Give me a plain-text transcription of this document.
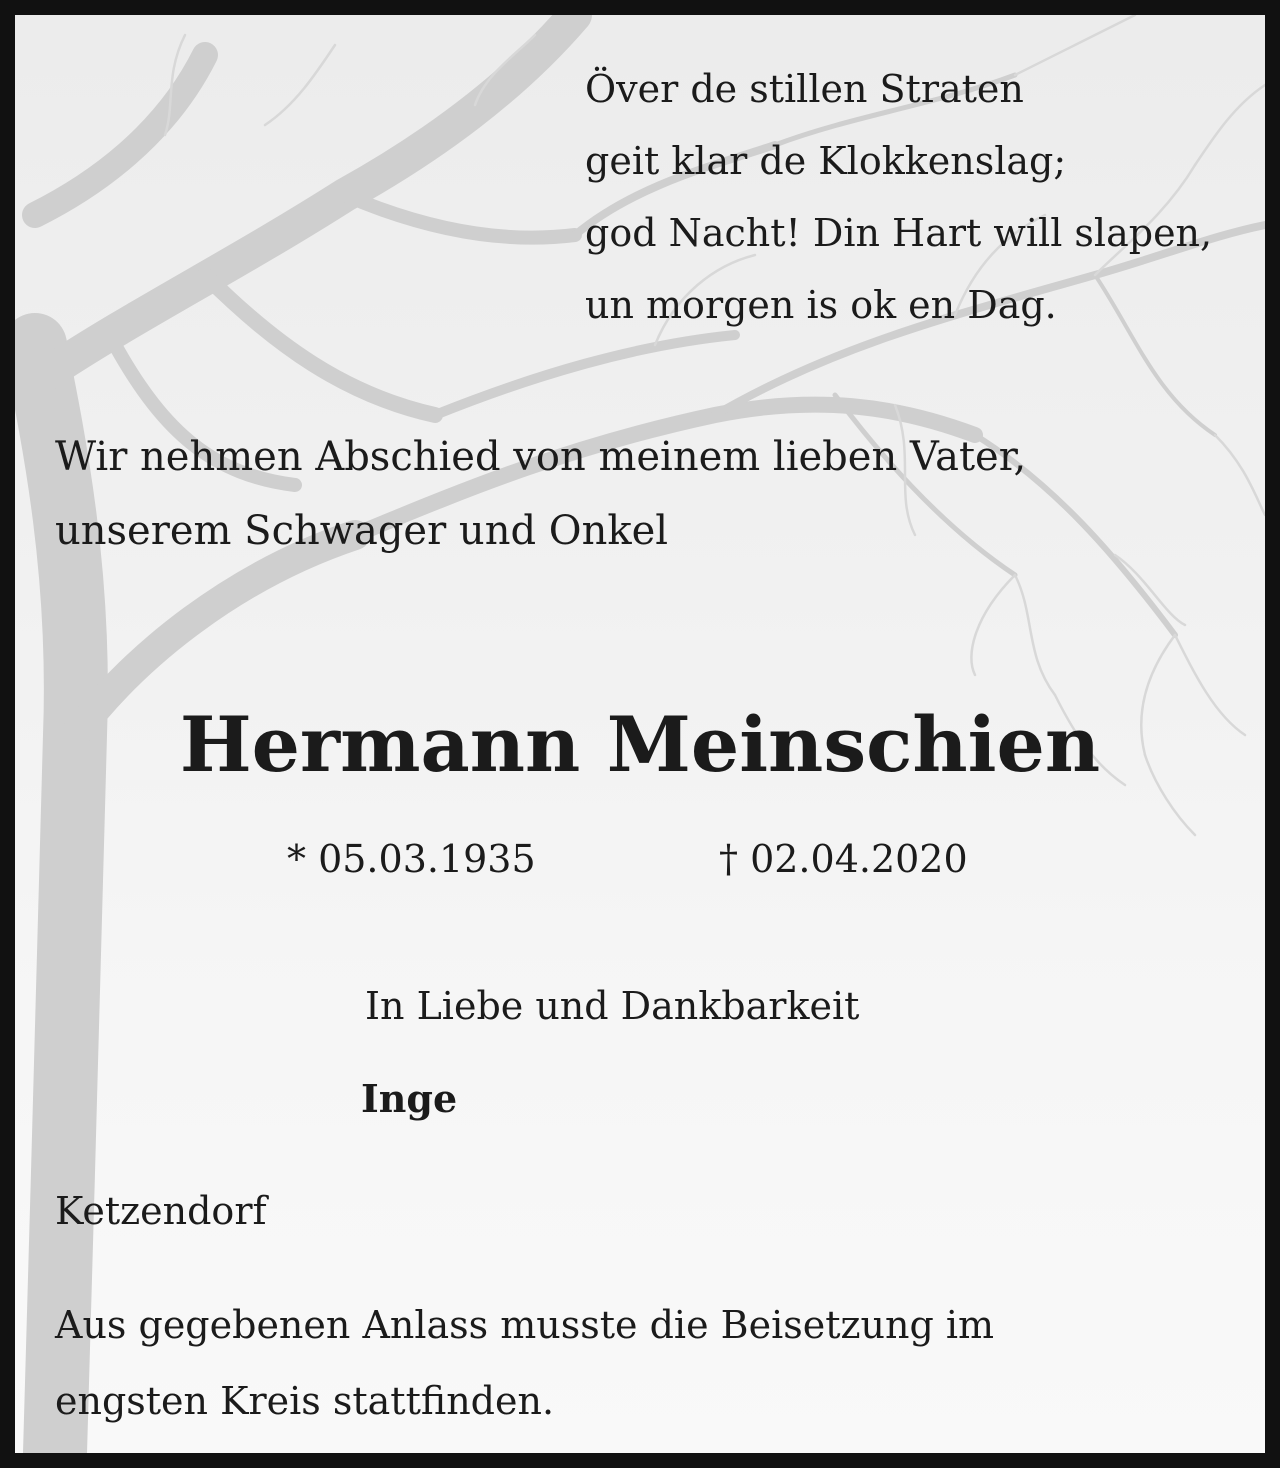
Över de stillen Straten
geit klar de Klokkenslag;
god Nacht! Din Hart will slapen,
un morgen is ok en Dag.
Wir nehmen Abschied von meinem lieben Vater,
unserem Schwager und Onkel
Hermann Meinschien
* 05.03.1935	† 02.04.2020
In Liebe und Dankbarkeit
Inge
Ketzendorf
Aus gegebenen Anlass musste die Beisetzung im
engsten Kreis stattfinden.
